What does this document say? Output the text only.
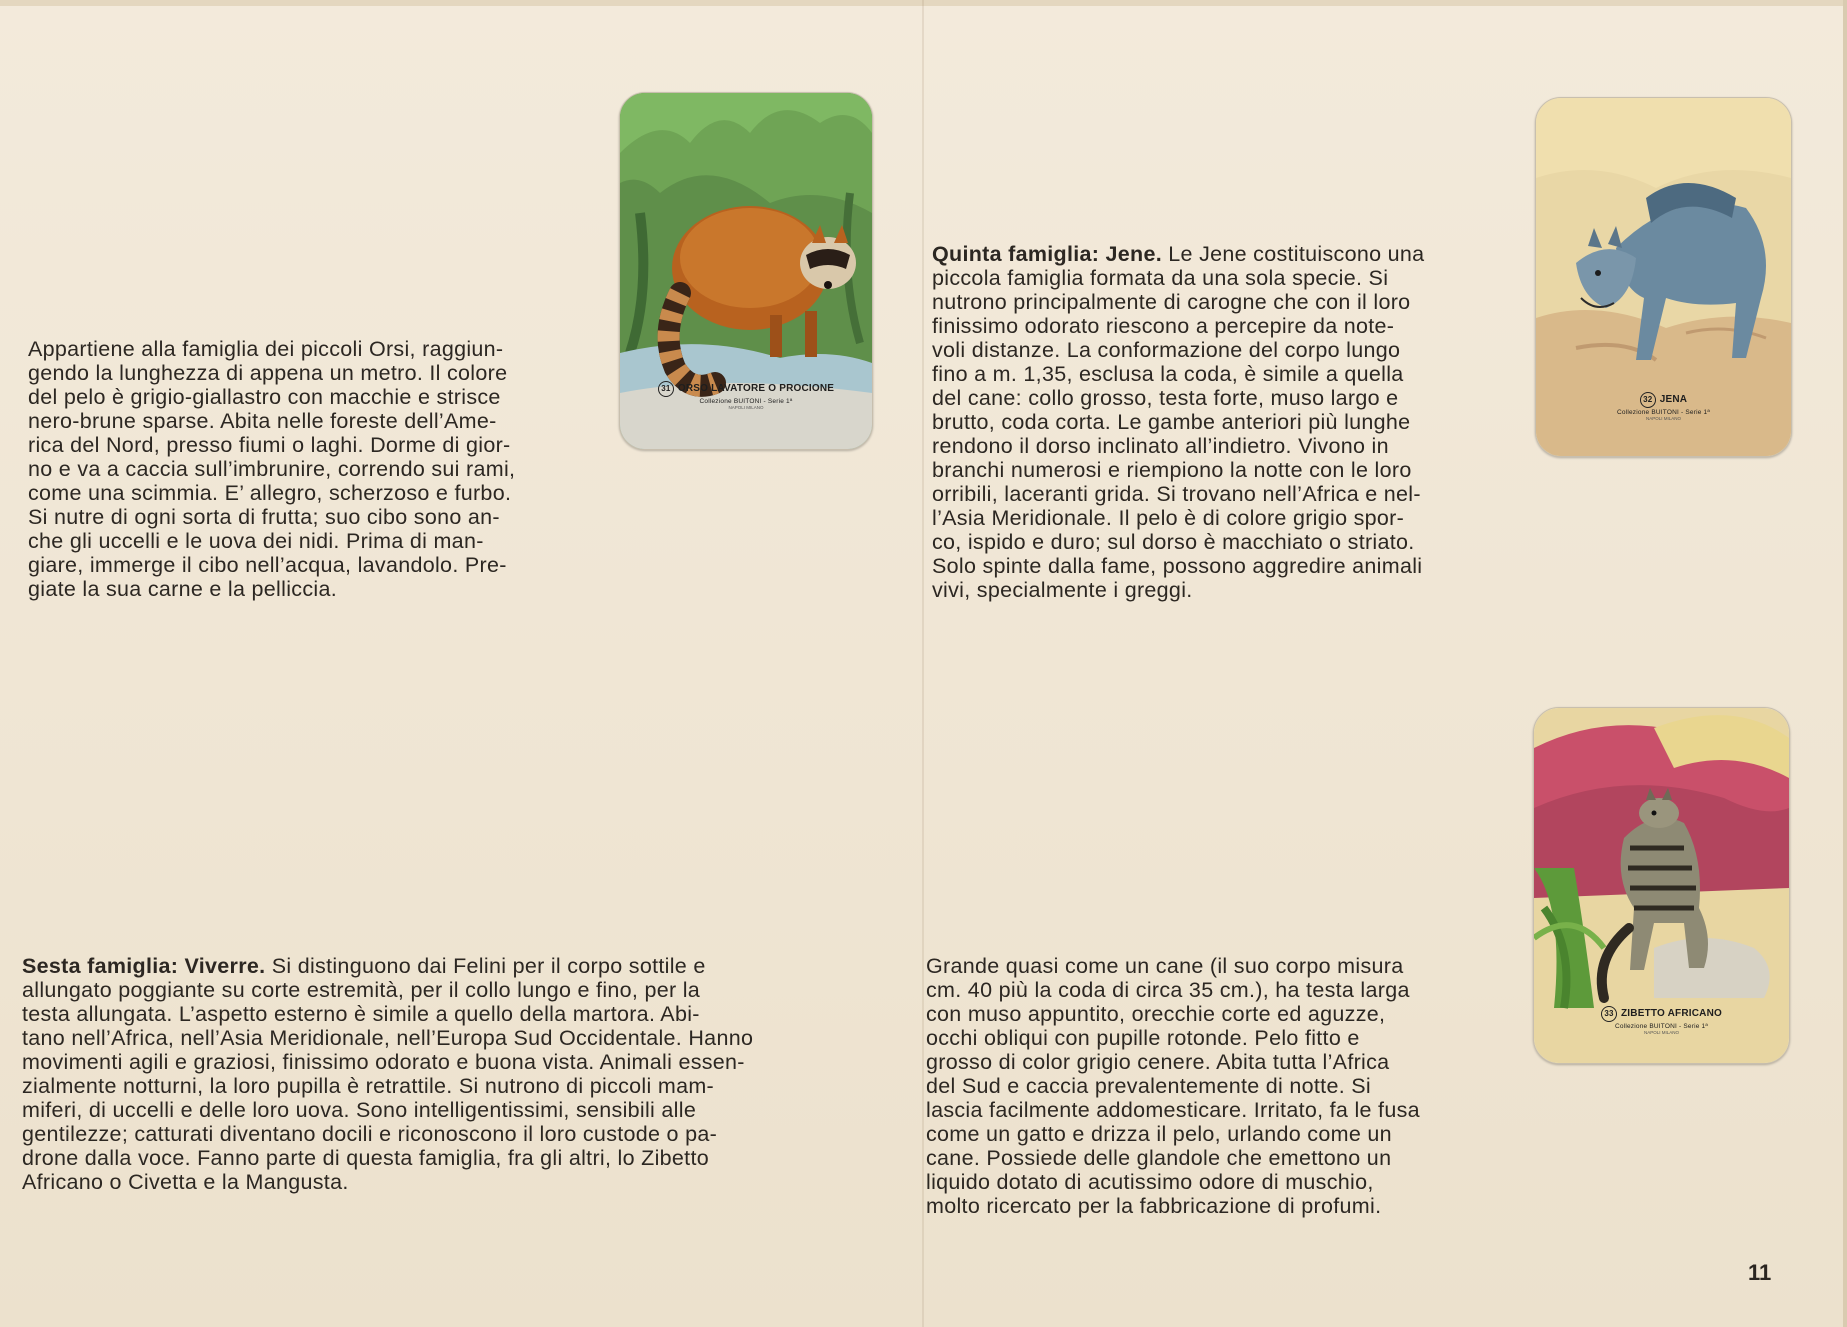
Appartiene alla famiglia dei piccoli Orsi, raggiun-

gendo la lunghezza di appena un metro. Il colore

del pelo è grigio-giallastro con macchie e strisce

nero-brune sparse. Abita nelle foreste dell’Ame-

rica del Nord, presso fiumi o laghi. Dorme di gior-

no e va a caccia sull’imbrunire, correndo sui rami,

come una scimmia. E’ allegro, scherzoso e furbo.

Si nutre di ogni sorta di frutta; suo cibo sono an-

che gli uccelli e le uova dei nidi. Prima di man-

giare, immerge il cibo nell’acqua, lavandolo. Pre-

giate la sua carne e la pelliccia.

Quinta famiglia: Jene. Le Jene costituiscono una

piccola famiglia formata da una sola specie. Si

nutrono principalmente di carogne che con il loro

finissimo odorato riescono a percepire da note-

voli distanze. La conformazione del corpo lungo

fino a m. 1,35, esclusa la coda, è simile a quella

del cane: collo grosso, testa forte, muso largo e

brutto, coda corta. Le gambe anteriori più lunghe

rendono il dorso inclinato all’indietro. Vivono in

branchi numerosi e riempiono la notte con le loro

orribili, laceranti grida. Si trovano nell’Africa e nel-

l’Asia Meridionale. Il pelo è di colore grigio spor-

co, ispido e duro; sul dorso è macchiato o striato.

Solo spinte dalla fame, possono aggredire animali

vivi, specialmente i greggi.

Sesta famiglia: Viverre. Si distinguono dai Felini per il corpo sottile e

allungato poggiante su corte estremità, per il collo lungo e fino, per la

testa allungata. L’aspetto esterno è simile a quello della martora. Abi-

tano nell’Africa, nell’Asia Meridionale, nell’Europa Sud Occidentale. Hanno

movimenti agili e graziosi, finissimo odorato e buona vista. Animali essen-

zialmente notturni, la loro pupilla è retrattile. Si nutrono di piccoli mam-

miferi, di uccelli e delle loro uova. Sono intelligentissimi, sensibili alle

gentilezze; catturati diventano docili e riconoscono il loro custode o pa-

drone dalla voce. Fanno parte di questa famiglia, fra gli altri, lo Zibetto

Africano o Civetta e la Mangusta.

Grande quasi come un cane (il suo corpo misura

cm. 40 più la coda di circa 35 cm.), ha testa larga

con muso appuntito, orecchie corte ed aguzze,

occhi obliqui con pupille rotonde. Pelo fitto e

grosso di color grigio cenere. Abita tutta l’Africa

del Sud e caccia prevalentemente di notte. Si

lascia facilmente addomesticare. Irritato, fa le fusa

come un gatto e drizza il pelo, urlando come un

cane. Possiede delle glandole che emettono un

liquido dotato di acutissimo odore di muschio,

molto ricercato per la fabbricazione di profumi.

31 ORSO LAVATORE O PROCIONE
Collezione BUITONI - Serie 1ª
NAPOLI MILANO
32 JENA
Collezione BUITONI - Serie 1ª
NAPOLI MILANO
33 ZIBETTO AFRICANO
Collezione BUITONI - Serie 1ª
NAPOLI MILANO
11
